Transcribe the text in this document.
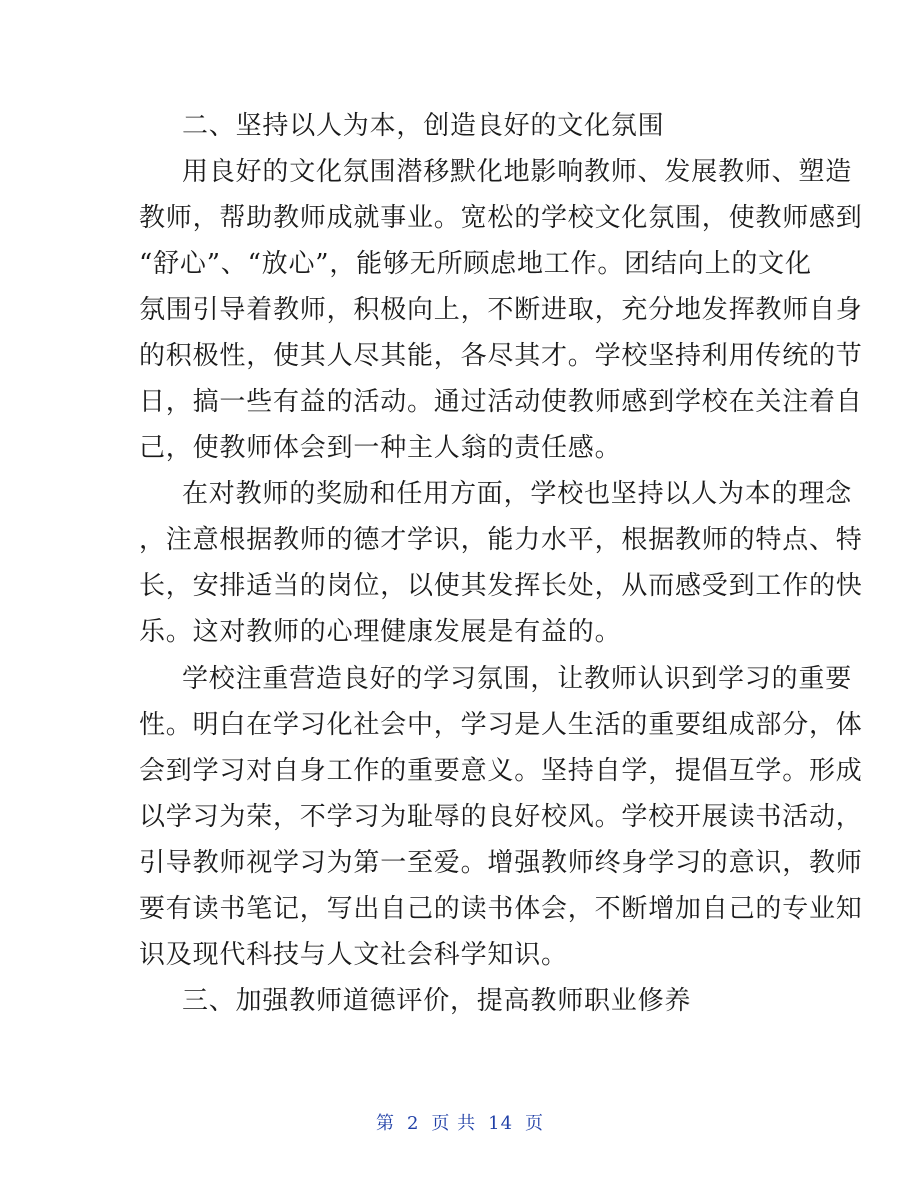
二、坚持以人为本，创造良好的文化氛围
用良好的文化氛围潜移默化地影响教师、发展教师、塑造
教师，帮助教师成就事业。宽松的学校文化氛围，使教师感到
“舒心”、“放心”，能够无所顾虑地工作。团结向上的文化
氛围引导着教师，积极向上，不断进取，充分地发挥教师自身
的积极性，使其人尽其能，各尽其才。学校坚持利用传统的节
日，搞一些有益的活动。通过活动使教师感到学校在关注着自
己，使教师体会到一种主人翁的责任感。
在对教师的奖励和任用方面，学校也坚持以人为本的理念
，注意根据教师的德才学识，能力水平，根据教师的特点、特
长，安排适当的岗位，以使其发挥长处，从而感受到工作的快
乐。这对教师的心理健康发展是有益的。
学校注重营造良好的学习氛围，让教师认识到学习的重要
性。明白在学习化社会中，学习是人生活的重要组成部分，体
会到学习对自身工作的重要意义。坚持自学，提倡互学。形成
以学习为荣，不学习为耻辱的良好校风。学校开展读书活动，
引导教师视学习为第一至爱。增强教师终身学习的意识，教师
要有读书笔记，写出自己的读书体会，不断增加自己的专业知
识及现代科技与人文社会科学知识。
三、加强教师道德评价，提高教师职业修养
第 2 页 共 14 页
